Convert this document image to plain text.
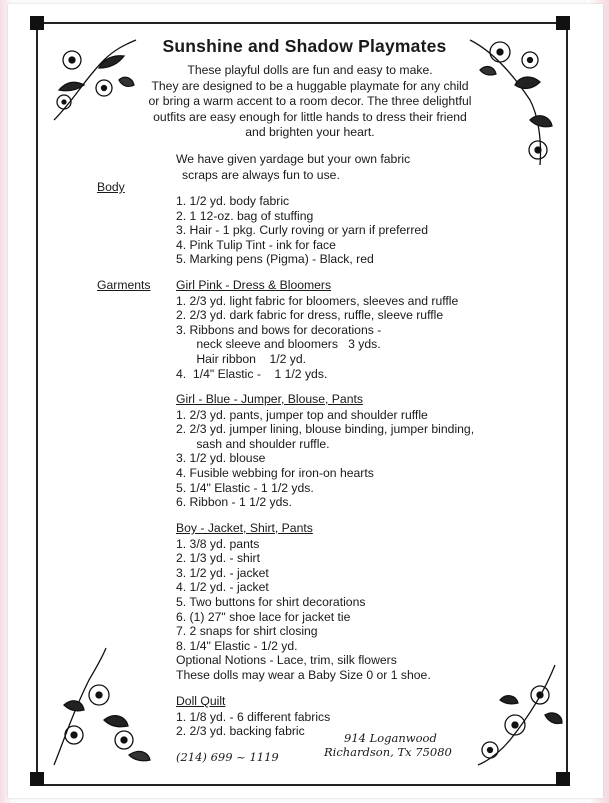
Sunshine and Shadow Playmates
These playful dolls are fun and easy to make.
They are designed to be a huggable playmate for any child
or bring a warm accent to a room decor. The three delightful
outfits are easy enough for little hands to dress their friend
and brighten your heart.
We have given yardage but your own fabric
scraps are always fun to use.
Body
Garments
1. 1/2 yd. body fabric
2. 1 12-oz. bag of stuffing
3. Hair - 1 pkg. Curly roving or yarn if preferred
4. Pink Tulip Tint - ink for face
5. Marking pens (Pigma) - Black, red
Girl Pink - Dress & Bloomers
1. 2/3 yd. light fabric for bloomers, sleeves and ruffle
2. 2/3 yd. dark fabric for dress, ruffle, sleeve ruffle
3. Ribbons and bows for decorations -
neck sleeve and bloomers   3 yds.
Hair ribbon    1/2 yd.
4.  1/4" Elastic -    1 1/2 yds.
Girl - Blue - Jumper, Blouse, Pants
1. 2/3 yd. pants, jumper top and shoulder ruffle
2. 2/3 yd. jumper lining, blouse binding, jumper binding,
sash and shoulder ruffle.
3. 1/2 yd. blouse
4. Fusible webbing for iron-on hearts
5. 1/4" Elastic - 1 1/2 yds.
6. Ribbon - 1 1/2 yds.
Boy - Jacket, Shirt, Pants
1. 3/8 yd. pants
2. 1/3 yd. - shirt
3. 1/2 yd. - jacket
4. 1/2 yd. - jacket
5. Two buttons for shirt decorations
6. (1) 27" shoe lace for jacket tie
7. 2 snaps for shirt closing
8. 1/4" Elastic - 1/2 yd.
Optional Notions - Lace, trim, silk flowers
These dolls may wear a Baby Size 0 or 1 shoe.
Doll Quilt
1. 1/8 yd. - 6 different fabrics
2. 2/3 yd. backing fabric
(214) 699 ~ 1119
914 Loganwood
Richardson, Tx 75080
